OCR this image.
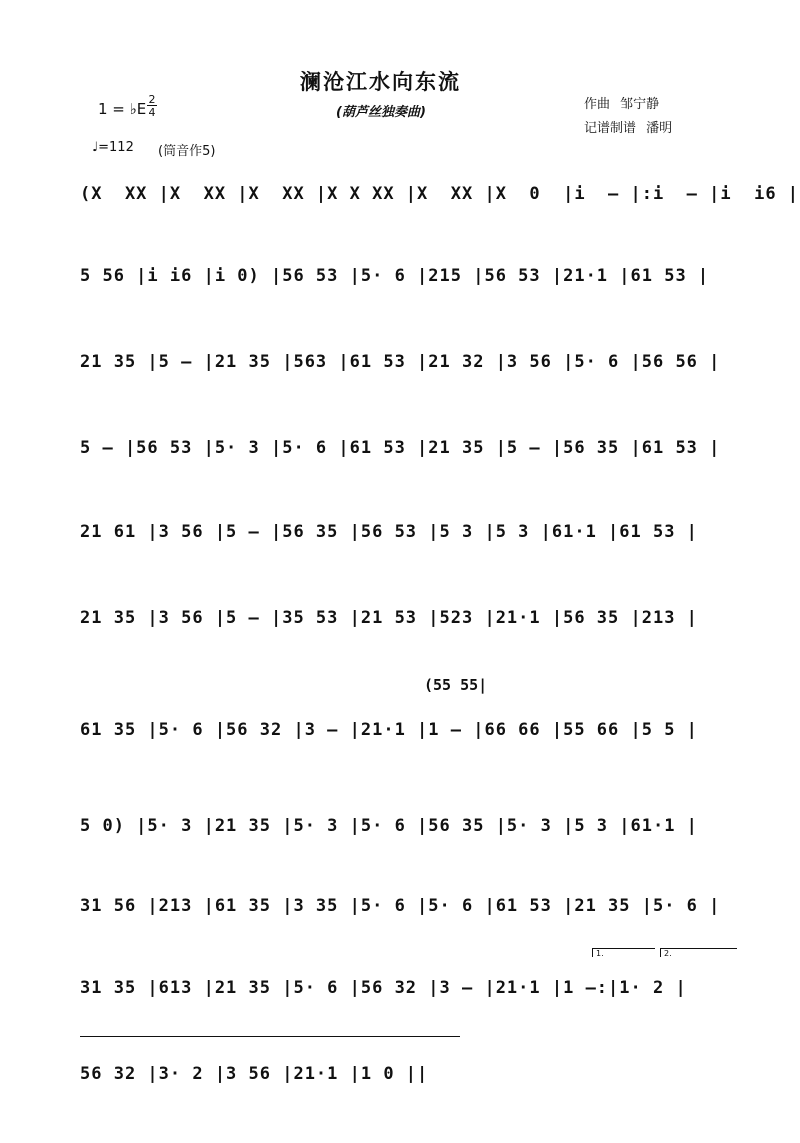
澜沧江水向东流
(葫芦丝独奏曲)
1 = ♭E
2
4
♩=112 (筒音作5)
作曲 邹宁静
记谱制谱 潘明
(X  XX |X  XX |X  XX |X X XX |X  XX |X  0  |i  – |:i  – |i  i6 |
5 56 |i i6 |i 0) |56 53 |5· 6 |215 |56 53 |21·1 |61 53 |
21 35 |5 – |21 35 |563 |61 53 |21 32 |3 56 |5· 6 |56 56 |
5 – |56 53 |5· 3 |5· 6 |61 53 |21 35 |5 – |56 35 |61 53 |
21 61 |3 56 |5 – |56 35 |56 53 |5 3 |5 3 |61·1 |61 53 |
21 35 |3 56 |5 – |35 53 |21 53 |523 |21·1 |56 35 |213 |
(55 55|
61 35 |5· 6 |56 32 |3 – |21·1 |1 – |66 66 |55 66 |5 5 |
5 0) |5· 3 |21 35 |5· 3 |5· 6 |56 35 |5· 3 |5 3 |61·1 |
31 56 |213 |61 35 |3 35 |5· 6 |5· 6 |61 53 |21 35 |5· 6 |
1.	2.
31 35 |613 |21 35 |5· 6 |56 32 |3 – |21·1 |1 –:|1· 2 |
56 32 |3· 2 |3 56 |21·1 |1 0 ||
